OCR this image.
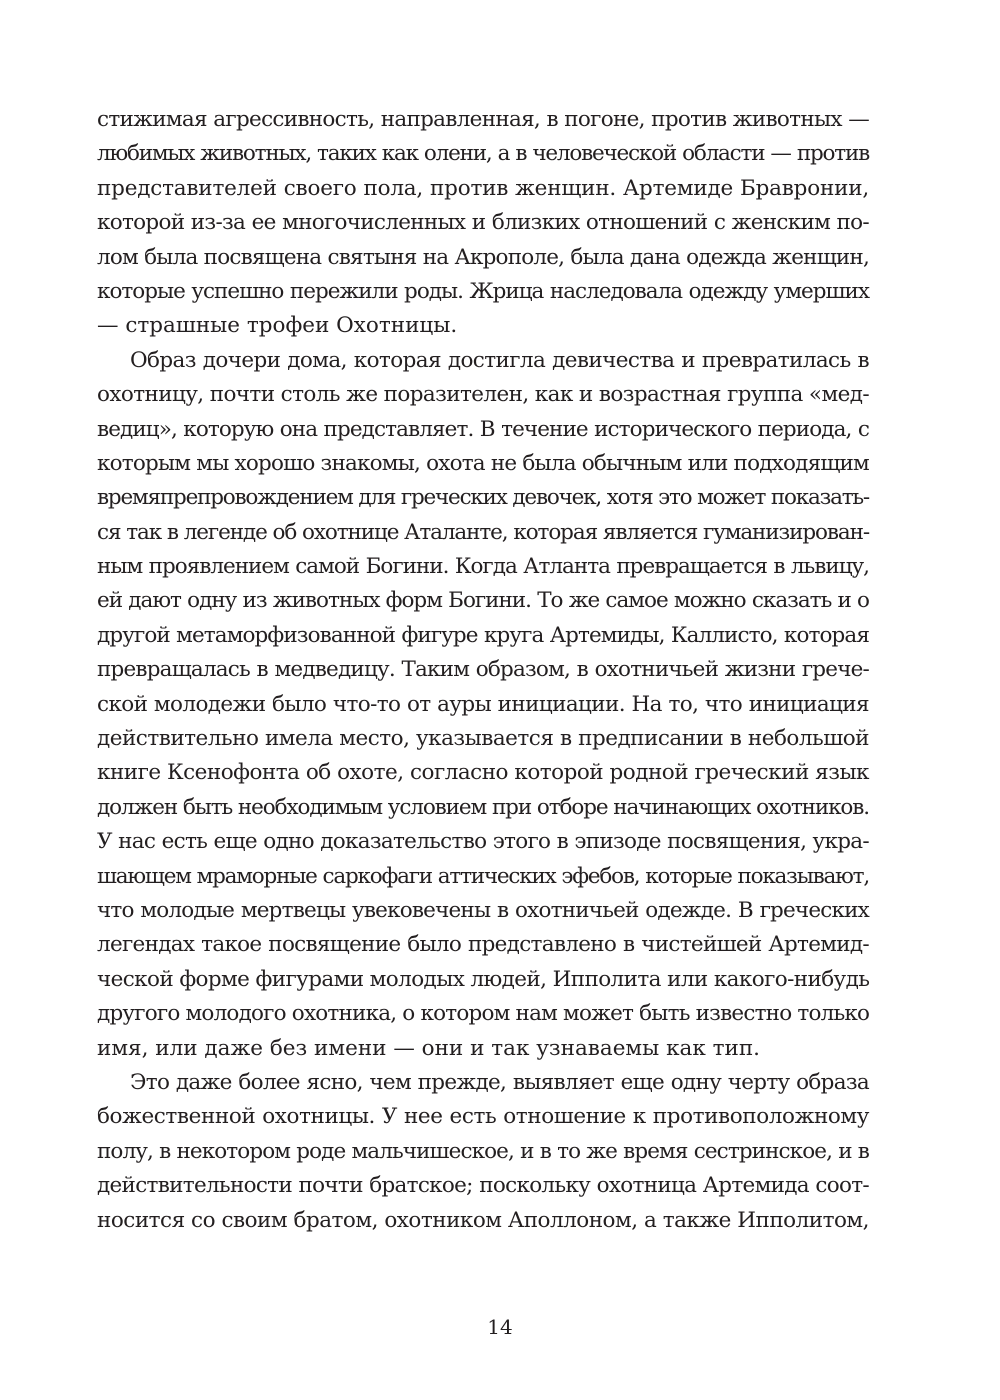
стижимая агрессивность, направленная, в погоне, против животных —
любимых животных, таких как олени, а в человеческой области — против
представителей своего пола, против женщин. Артемиде Бравронии,
которой из-за ее многочисленных и близких отношений с женским по-
лом была посвящена святыня на Акрополе, была дана одежда женщин,
которые успешно пережили роды. Жрица наследовала одежду умерших
— страшные трофеи Охотницы.
Образ дочери дома, которая достигла девичества и превратилась в
охотницу, почти столь же поразителен, как и возрастная группа «мед-
ведиц», которую она представляет. В течение исторического периода, с
которым мы хорошо знакомы, охота не была обычным или подходящим
времяпрепровождением для греческих девочек, хотя это может показать-
ся так в легенде об охотнице Аталанте, которая является гуманизирован-
ным проявлением самой Богини. Когда Атланта превращается в львицу,
ей дают одну из животных форм Богини. То же самое можно сказать и о
другой метаморфизованной фигуре круга Артемиды, Каллисто, которая
превращалась в медведицу. Таким образом, в охотничьей жизни грече-
ской молодежи было что-то от ауры инициации. На то, что инициация
действительно имела место, указывается в предписании в небольшой
книге Ксенофонта об охоте, согласно которой родной греческий язык
должен быть необходимым условием при отборе начинающих охотников.
У нас есть еще одно доказательство этого в эпизоде посвящения, укра-
шающем мраморные саркофаги аттических эфебов, которые показывают,
что молодые мертвецы увековечены в охотничьей одежде. В греческих
легендах такое посвящение было представлено в чистейшей Артемид-
ческой форме фигурами молодых людей, Ипполита или какого-нибудь
другого молодого охотника, о котором нам может быть известно только
имя, или даже без имени — они и так узнаваемы как тип.
Это даже более ясно, чем прежде, выявляет еще одну черту образа
божественной охотницы. У нее есть отношение к противоположному
полу, в некотором роде мальчишеское, и в то же время сестринское, и в
действительности почти братское; поскольку охотница Артемида соот-
носится со своим братом, охотником Аполлоном, а также Ипполитом,
14
